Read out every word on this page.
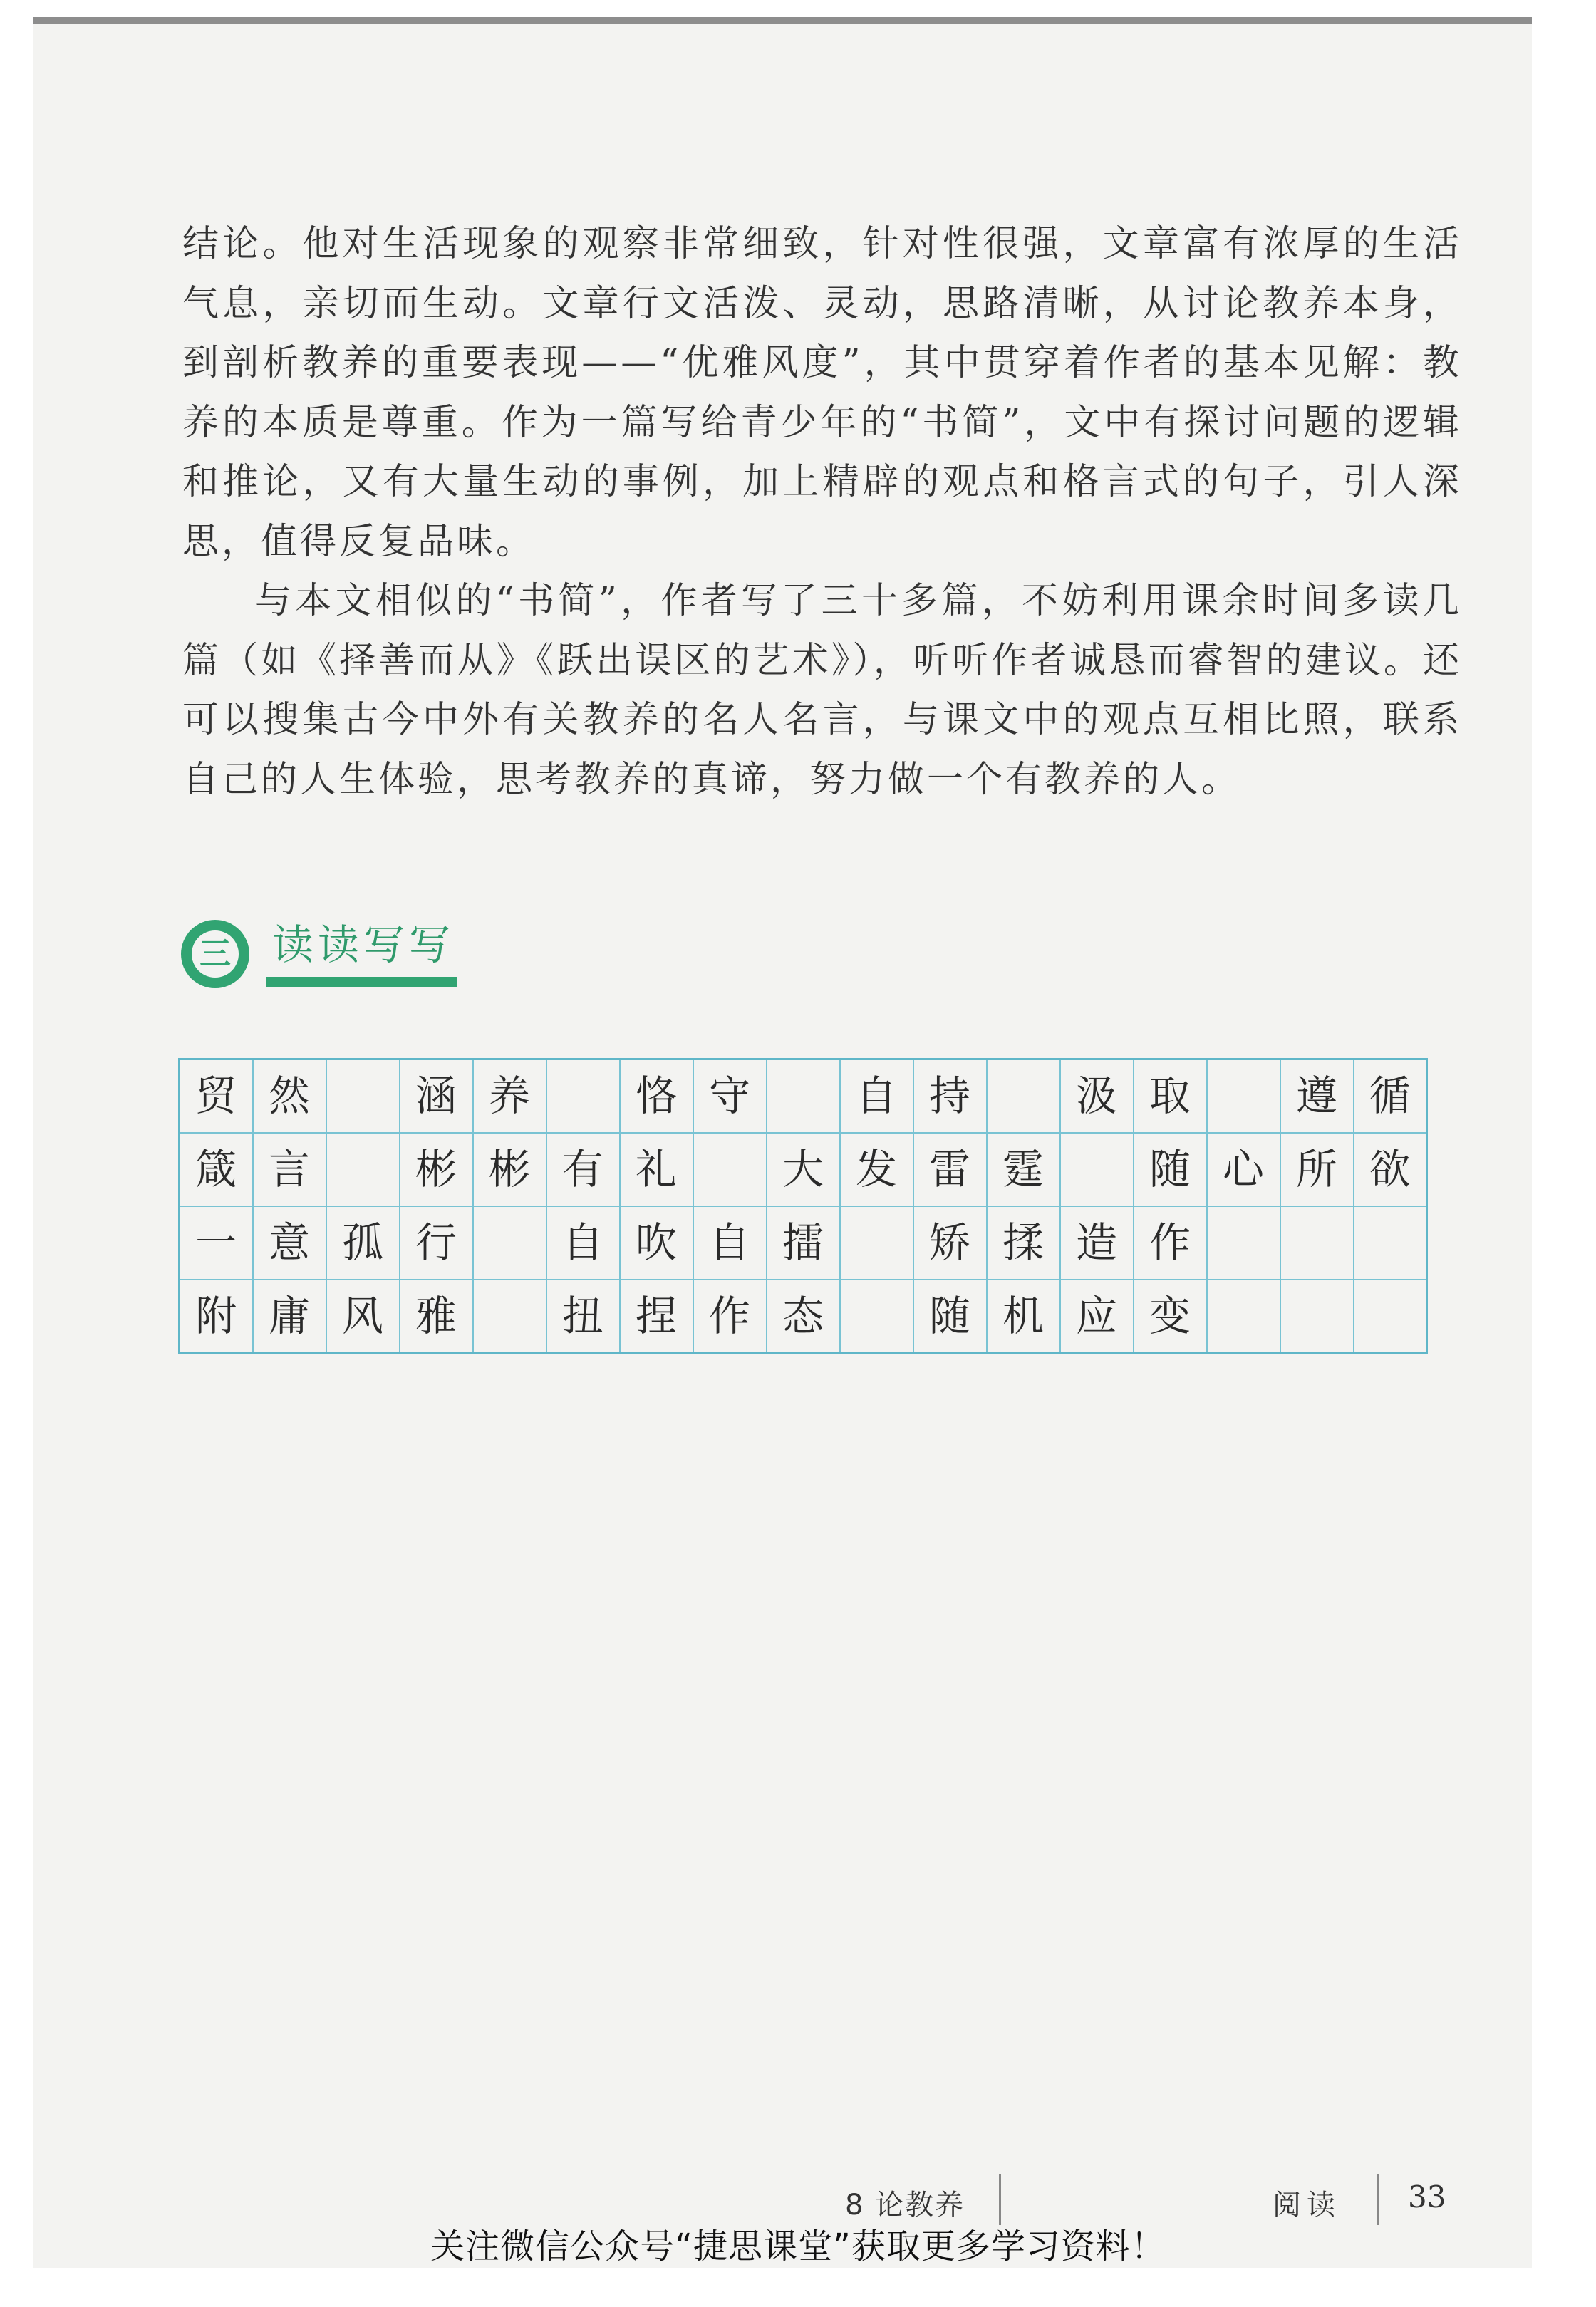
结论。他对生活现象的观察非常细致，针对性很强，文章富有浓厚的生活气息，亲切而生动。文章行文活泼、灵动，思路清晰，从讨论教养本身，到剖析教养的重要表现——“优雅风度”，其中贯穿着作者的基本见解：教养的本质是尊重。作为一篇写给青少年的“书简”，文中有探讨问题的逻辑和推论，又有大量生动的事例，加上精辟的观点和格言式的句子，引人深思，值得反复品味。

与本文相似的“书简”，作者写了三十多篇，不妨利用课余时间多读几篇（如《择善而从》《跃出误区的艺术》），听听作者诚恳而睿智的建议。还可以搜集古今中外有关教养的名人名言，与课文中的观点互相比照，联系自己的人生体验，思考教养的真谛，努力做一个有教养的人。

三 读读写写
贸	然		涵	养		恪	守		自	持		汲	取		遵	循
箴	言		彬	彬	有	礼		大	发	雷	霆		随	心	所	欲
一	意	孤	行		自	吹	自	擂		矫	揉	造	作			
附	庸	风	雅		扭	捏	作	态		随	机	应	变			
8 论教养	阅读 33
关注微信公众号“捷思课堂”获取更多学习资料！
